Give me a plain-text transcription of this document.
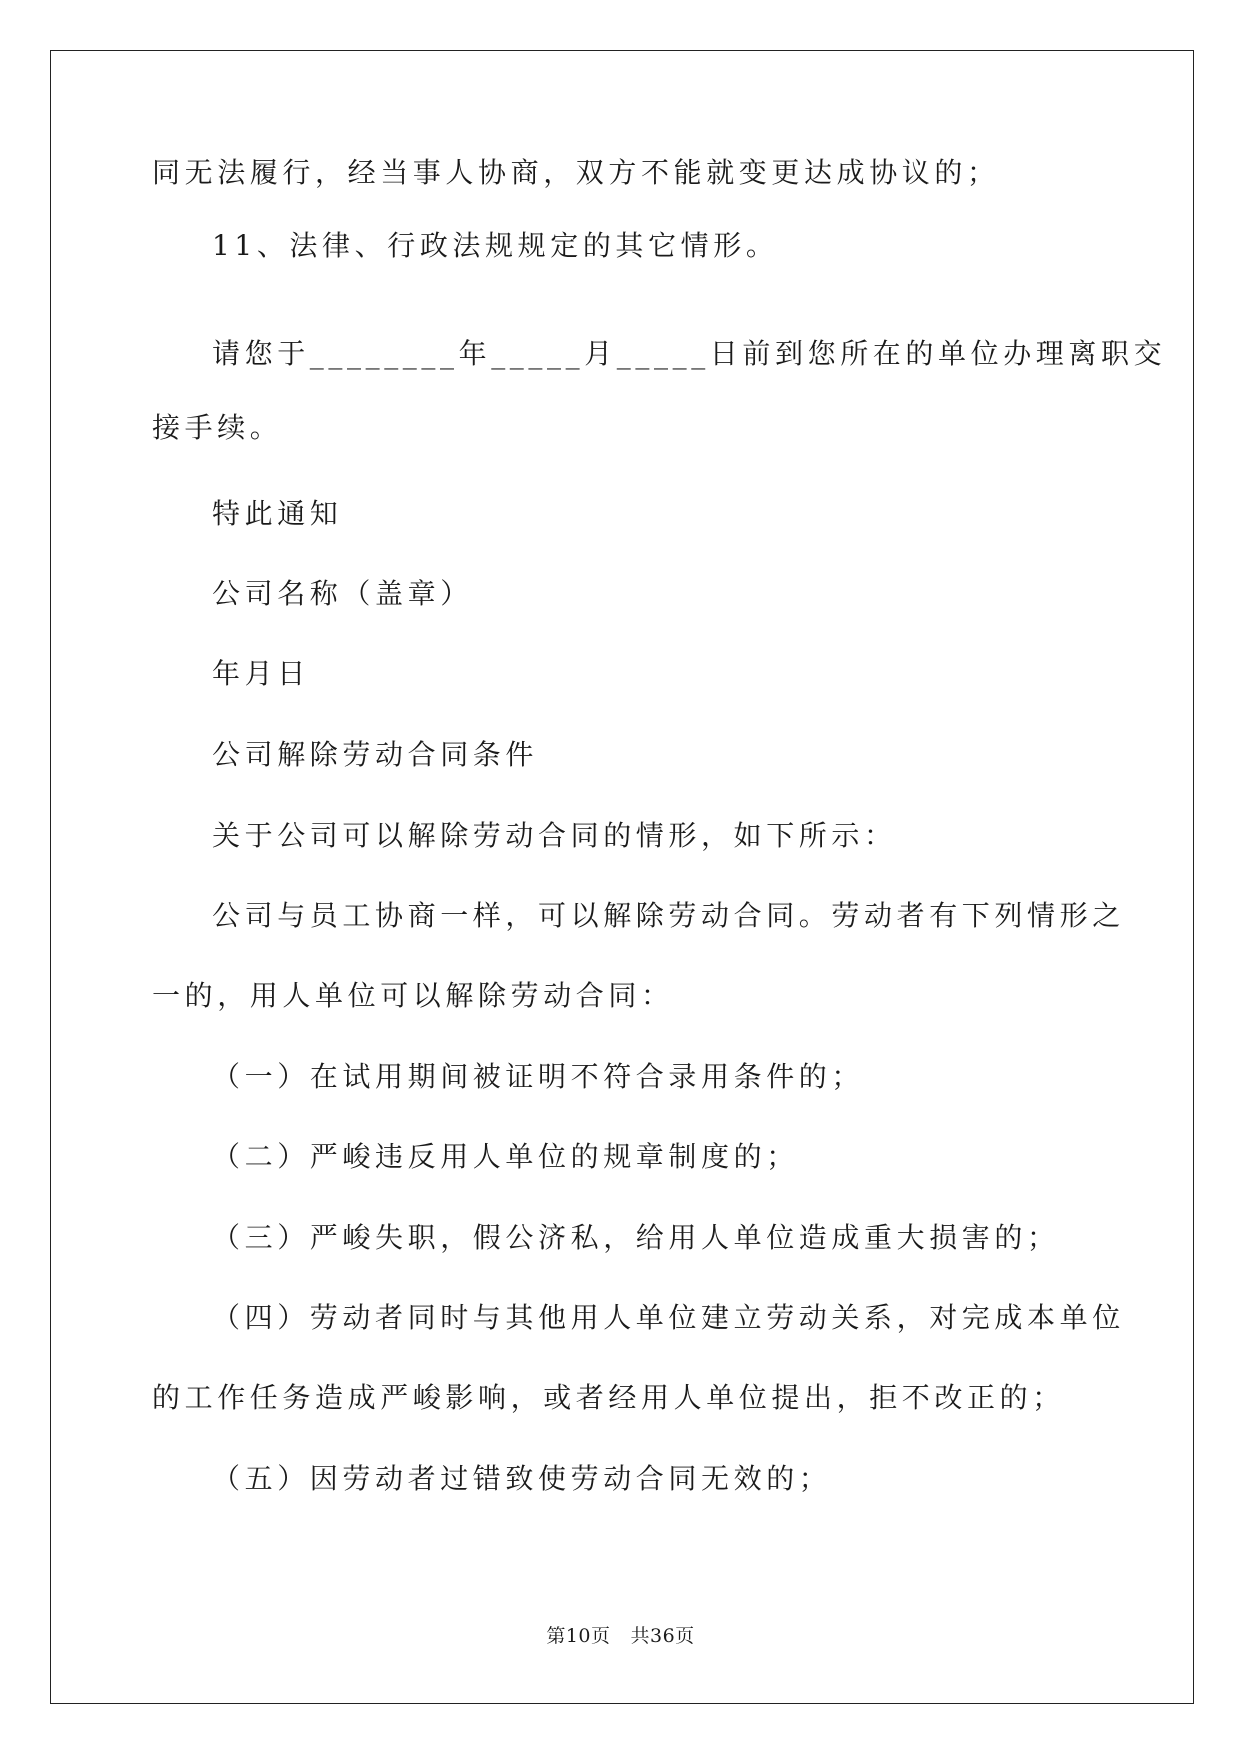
同无法履行，经当事人协商，双方不能就变更达成协议的；
11、法律、行政法规规定的其它情形。
请您于________年_____月_____日前到您所在的单位办理离职交
接手续。
特此通知
公司名称（盖章）
年月日
公司解除劳动合同条件
关于公司可以解除劳动合同的情形，如下所示：
公司与员工协商一样，可以解除劳动合同。劳动者有下列情形之
一的，用人单位可以解除劳动合同：
（一）在试用期间被证明不符合录用条件的；
（二）严峻违反用人单位的规章制度的；
（三）严峻失职，假公济私，给用人单位造成重大损害的；
（四）劳动者同时与其他用人单位建立劳动关系，对完成本单位
的工作任务造成严峻影响，或者经用人单位提出，拒不改正的；
（五）因劳动者过错致使劳动合同无效的；
第10页 共36页
